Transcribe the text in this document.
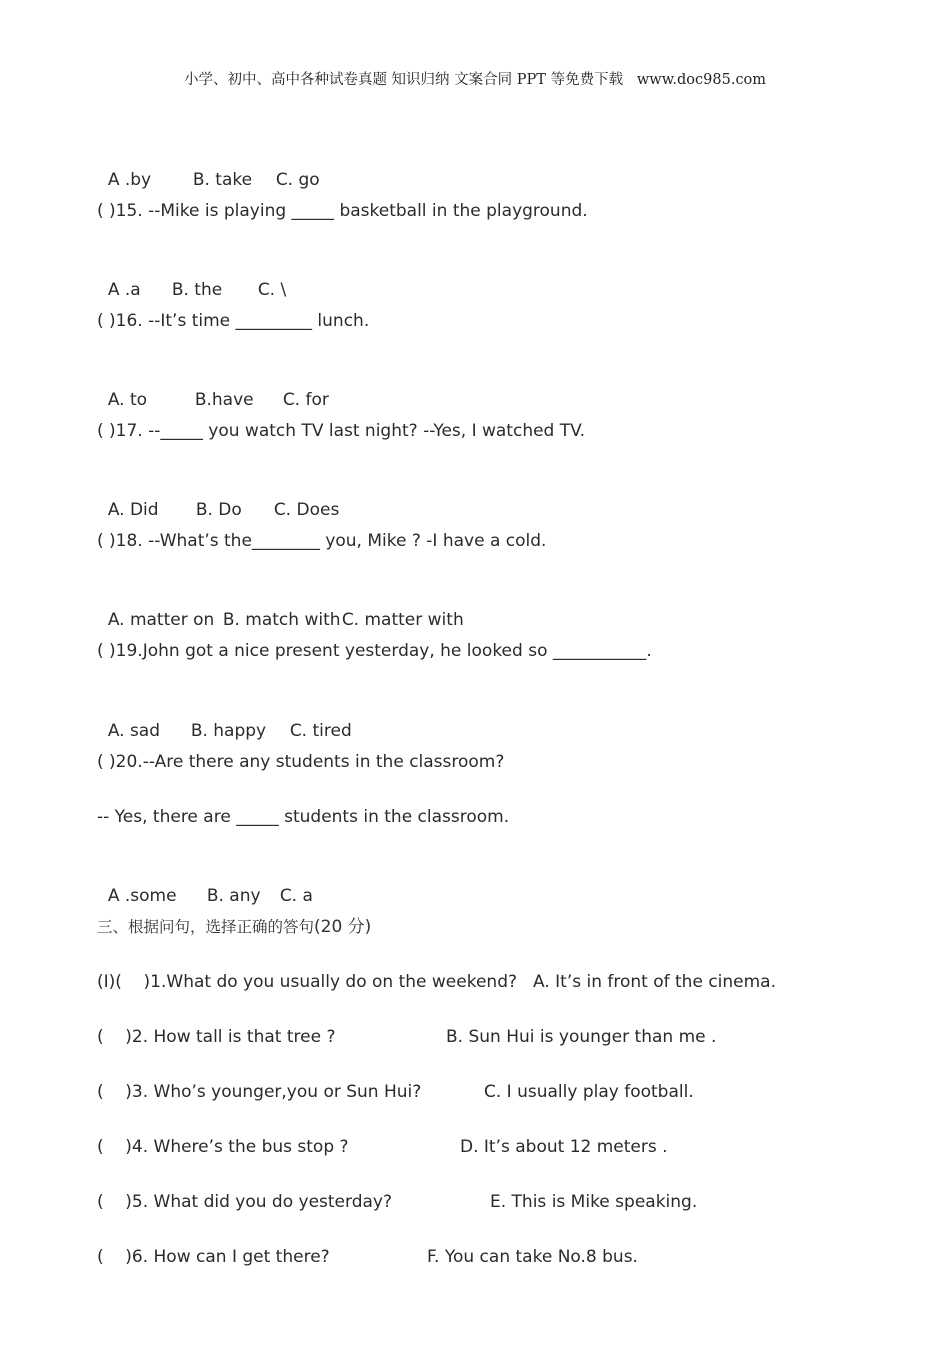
小学、初中、高中各种试卷真题 知识归纳 文案合同 PPT 等免费下载   www.doc985.com

A .by B. take C. go

( )15. --Mike is playing _____ basketball in the playground.

A .a B. the C. \

( )16. --It’s time _________ lunch.

A. to	B.have C. for

( )17. --_____ you watch TV last night? --Yes, I watched TV.

A. Did B. Do C. Does

( )18. --What’s the________ you, Mike ? -I have a cold.

A. matter on B. match withC. matter with

( )19.John got a nice present yesterday, he looked so ___________.

A. sad B. happy C. tired

( )20.--Are there any students in the classroom?
-- Yes, there are _____ students in the classroom.

A .some B. any C. a

三、根据问句，选择正确的答句(20 分)
(I)(    )1.What do you usually do on the weekend? A. It’s in front of the cinema.
(    )2. How tall is that tree ?	B. Sun Hui is younger than me .
(    )3. Who’s younger,you or Sun Hui?	C. I usually play football.
(    )4. Where’s the bus stop ?	D. It’s about 12 meters .
(    )5. What did you do yesterday?	E. This is Mike speaking.
(    )6. How can I get there?	F. You can take No.8 bus.
